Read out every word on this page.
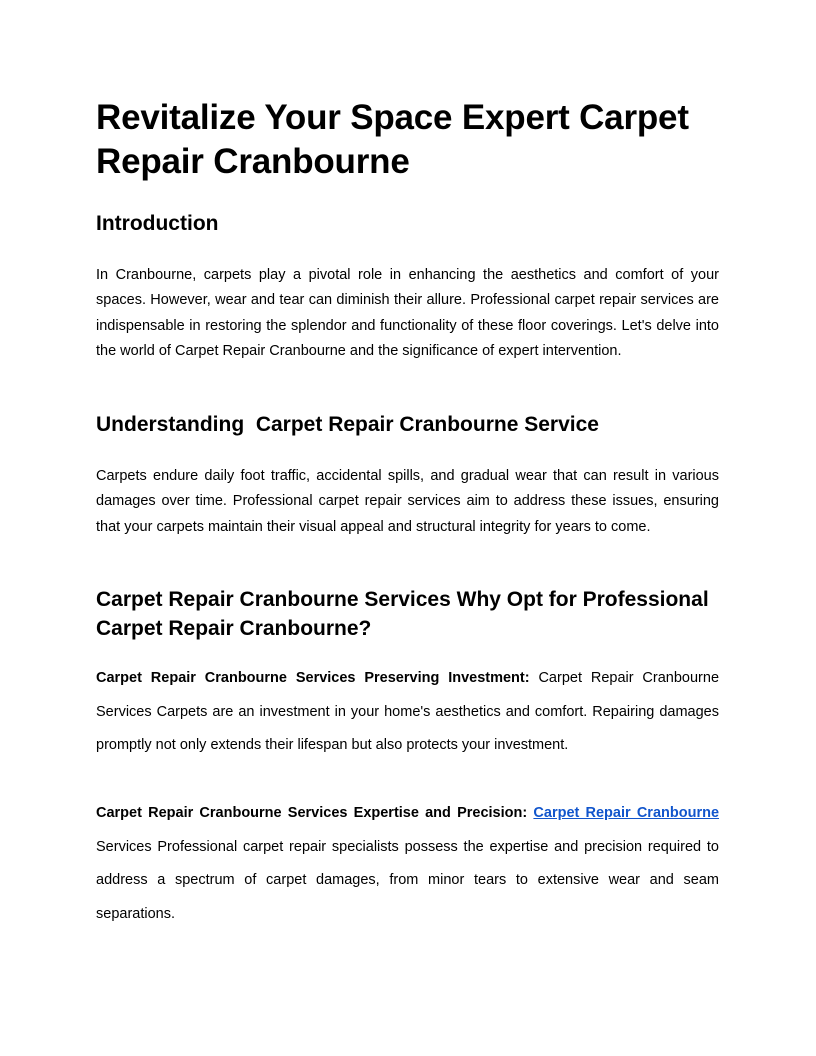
Revitalize Your Space Expert Carpet Repair Cranbourne
Introduction

In Cranbourne, carpets play a pivotal role in enhancing the aesthetics and comfort of your spaces. However, wear and tear can diminish their allure. Professional carpet repair services are indispensable in restoring the splendor and functionality of these floor coverings. Let's delve into the world of Carpet Repair Cranbourne and the significance of expert intervention.

Understanding  Carpet Repair Cranbourne Service

Carpets endure daily foot traffic, accidental spills, and gradual wear that can result in various damages over time. Professional carpet repair services aim to address these issues, ensuring that your carpets maintain their visual appeal and structural integrity for years to come.

Carpet Repair Cranbourne Services Why Opt for Professional Carpet Repair Cranbourne?

Carpet Repair Cranbourne Services Preserving Investment: Carpet Repair Cranbourne Services Carpets are an investment in your home's aesthetics and comfort. Repairing damages promptly not only extends their lifespan but also protects your investment.

Carpet Repair Cranbourne Services Expertise and Precision: Carpet Repair Cranbourne Services Professional carpet repair specialists possess the expertise and precision required to address a spectrum of carpet damages, from minor tears to extensive wear and seam separations.
